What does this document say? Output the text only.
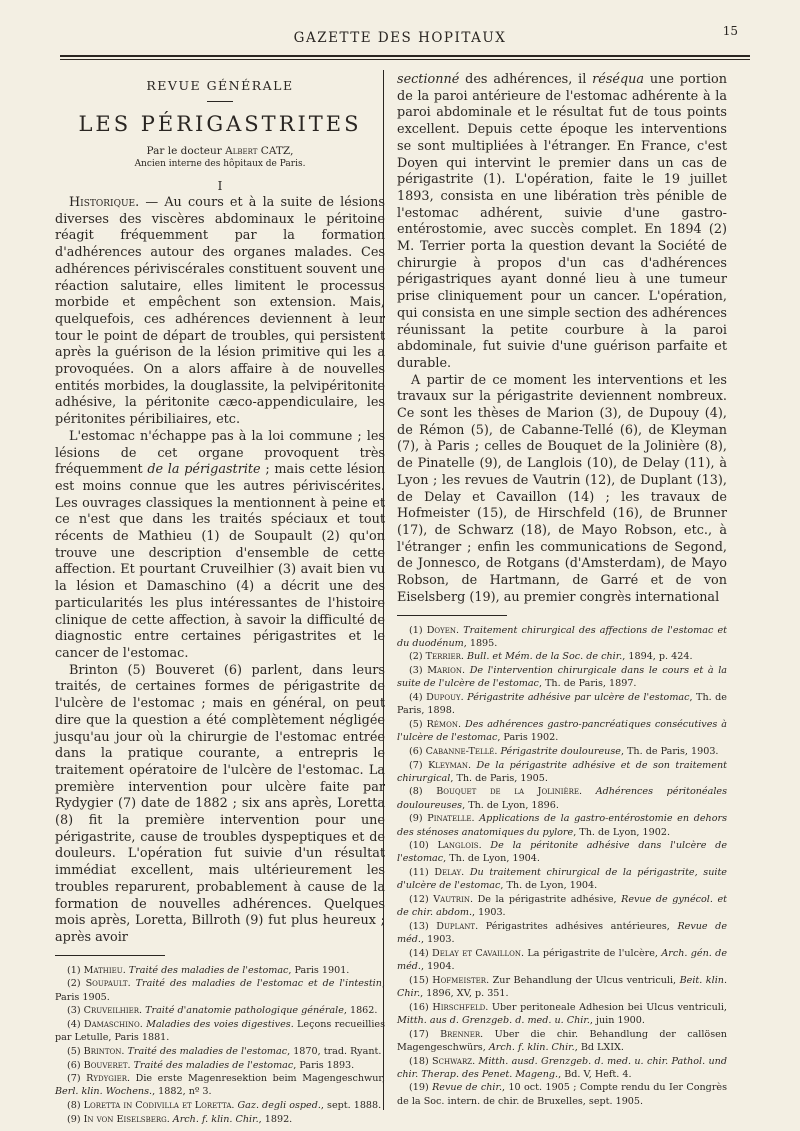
GAZETTE DES HOPITAUX	15
REVUE GÉNÉRALE
LES PÉRIGASTRITES
Par le docteur Albert CATZ,
Ancien interne des hôpitaux de Paris.
I

Historique. — Au cours et à la suite de lésions diverses des viscères abdominaux le péritoine réagit fréquemment par la formation d'adhérences autour des organes malades. Ces adhérences périviscérales constituent souvent une réaction salutaire, elles limitent le processus morbide et empêchent son extension. Mais, quelquefois, ces adhérences deviennent à leur tour le point de départ de troubles, qui persistent après la guérison de la lésion primitive qui les a provoquées. On a alors affaire à de nouvelles entités morbides, la douglassite, la pelvipéritonite adhésive, la péritonite cæco-appendiculaire, les péritonites péribiliaires, etc.

L'estomac n'échappe pas à la loi commune ; les lésions de cet organe provoquent très fréquemment de la périgastrite ; mais cette lésion est moins connue que les autres périviscérites. Les ouvrages classiques la mentionnent à peine et ce n'est que dans les traités spéciaux et tout récents de Mathieu (1) de Soupault (2) qu'on trouve une description d'ensemble de cette affection. Et pourtant Cruveilhier (3) avait bien vu la lésion et Damaschino (4) a décrit une des particularités les plus intéressantes de l'histoire clinique de cette affection, à savoir la difficulté de diagnostic entre certaines périgastrites et le cancer de l'estomac.

Brinton (5) Bouveret (6) parlent, dans leurs traités, de certaines formes de périgastrite de l'ulcère de l'estomac ; mais en général, on peut dire que la question a été complètement négligée jusqu'au jour où la chirurgie de l'estomac entrée dans la pratique courante, a entrepris le traitement opératoire de l'ulcère de l'estomac. La première intervention pour ulcère faite par Rydygier (7) date de 1882 ; six ans après, Loretta (8) fit la première intervention pour une périgastrite, cause de troubles dyspeptiques et de douleurs. L'opération fut suivie d'un résultat immédiat excellent, mais ultérieurement les troubles reparurent, probablement à cause de la formation de nouvelles adhérences. Quelques mois après, Loretta, Billroth (9) fut plus heureux ; après avoir

(1) Mathieu. Traité des maladies de l'estomac, Paris 1901.
(2) Soupault. Traité des maladies de l'estomac et de l'intestin, Paris 1905.
(3) Cruveilhier. Traité d'anatomie pathologique générale, 1862.
(4) Damaschino. Maladies des voies digestives. Leçons recueillies par Letulle, Paris 1881.
(5) Brinton. Traité des maladies de l'estomac, 1870, trad. Ryant.
(6) Bouveret. Traité des maladies de l'estomac, Paris 1893.
(7) Rydygier. Die erste Magenresektion beim Magengeschwur, Berl. klin. Wochens., 1882, nº 3.
(8) Loretta in Codivilla et Loretta. Gaz. degli osped., sept. 1888.
(9) In von Eiselsberg. Arch. f. klin. Chir., 1892.

sectionné des adhérences, il réséqua une portion de la paroi antérieure de l'estomac adhérente à la paroi abdominale et le résultat fut de tous points excellent. Depuis cette époque les interventions se sont multipliées à l'étranger. En France, c'est Doyen qui intervint le premier dans un cas de périgastrite (1). L'opération, faite le 19 juillet 1893, consista en une libération très pénible de l'estomac adhérent, suivie d'une gastro-entérostomie, avec succès complet. En 1894 (2) M. Terrier porta la question devant la Société de chirurgie à propos d'un cas d'adhérences périgastriques ayant donné lieu à une tumeur prise cliniquement pour un cancer. L'opération, qui consista en une simple section des adhérences réunissant la petite courbure à la paroi abdominale, fut suivie d'une guérison parfaite et durable.

A partir de ce moment les interventions et les travaux sur la périgastrite deviennent nombreux. Ce sont les thèses de Marion (3), de Dupouy (4), de Rémon (5), de Cabanne-Tellé (6), de Kleyman (7), à Paris ; celles de Bouquet de la Jolinière (8), de Pinatelle (9), de Langlois (10), de Delay (11), à Lyon ; les revues de Vautrin (12), de Duplant (13), de Delay et Cavaillon (14) ; les travaux de Hofmeister (15), de Hirschfeld (16), de Brunner (17), de Schwarz (18), de Mayo Robson, etc., à l'étranger ; enfin les communications de Segond, de Jonnesco, de Rotgans (d'Amsterdam), de Mayo Robson, de Hartmann, de Garré et de von Eiselsberg (19), au premier congrès international

(1) Doyen. Traitement chirurgical des affections de l'estomac et du duodénum, 1895.
(2) Terrier. Bull. et Mém. de la Soc. de chir., 1894, p. 424.
(3) Marion. De l'intervention chirurgicale dans le cours et à la suite de l'ulcère de l'estomac, Th. de Paris, 1897.
(4) Dupouy. Périgastrite adhésive par ulcère de l'estomac, Th. de Paris, 1898.
(5) Rémon. Des adhérences gastro-pancréatiques consécutives à l'ulcère de l'estomac, Paris 1902.
(6) Cabanne-Tellé. Périgastrite douloureuse, Th. de Paris, 1903.
(7) Kleyman. De la périgastrite adhésive et de son traitement chirurgical, Th. de Paris, 1905.
(8) Bouquet de la Jolinière. Adhérences péritonéales douloureuses, Th. de Lyon, 1896.
(9) Pinatelle. Applications de la gastro-entérostomie en dehors des sténoses anatomiques du pylore, Th. de Lyon, 1902.
(10) Langlois. De la péritonite adhésive dans l'ulcère de l'estomac, Th. de Lyon, 1904.
(11) Delay. Du traitement chirurgical de la périgastrite, suite d'ulcère de l'estomac, Th. de Lyon, 1904.
(12) Vautrin. De la périgastrite adhésive, Revue de gynécol. et de chir. abdom., 1903.
(13) Duplant. Périgastrites adhésives antérieures, Revue de méd., 1903.
(14) Delay et Cavaillon. La périgastrite de l'ulcère, Arch. gén. de méd., 1904.
(15) Hofmeister. Zur Behandlung der Ulcus ventriculi, Beit. klin. Chir., 1896, XV, p. 351.
(16) Hirschfeld. Uber peritoneale Adhesion bei Ulcus ventriculi, Mitth. aus d. Grenzgeb. d. med. u. Chir., juin 1900.
(17) Brenner. Uber die chir. Behandlung der callösen Magengeschwürs, Arch. f. klin. Chir., Bd LXIX.
(18) Schwarz. Mitth. ausd. Grenzgeb. d. med. u. chir. Pathol. und chir. Therap. des Penet. Mageng., Bd. V, Heft. 4.
(19) Revue de chir., 10 oct. 1905 ; Compte rendu du Ier Congrès de la Soc. intern. de chir. de Bruxelles, sept. 1905.
